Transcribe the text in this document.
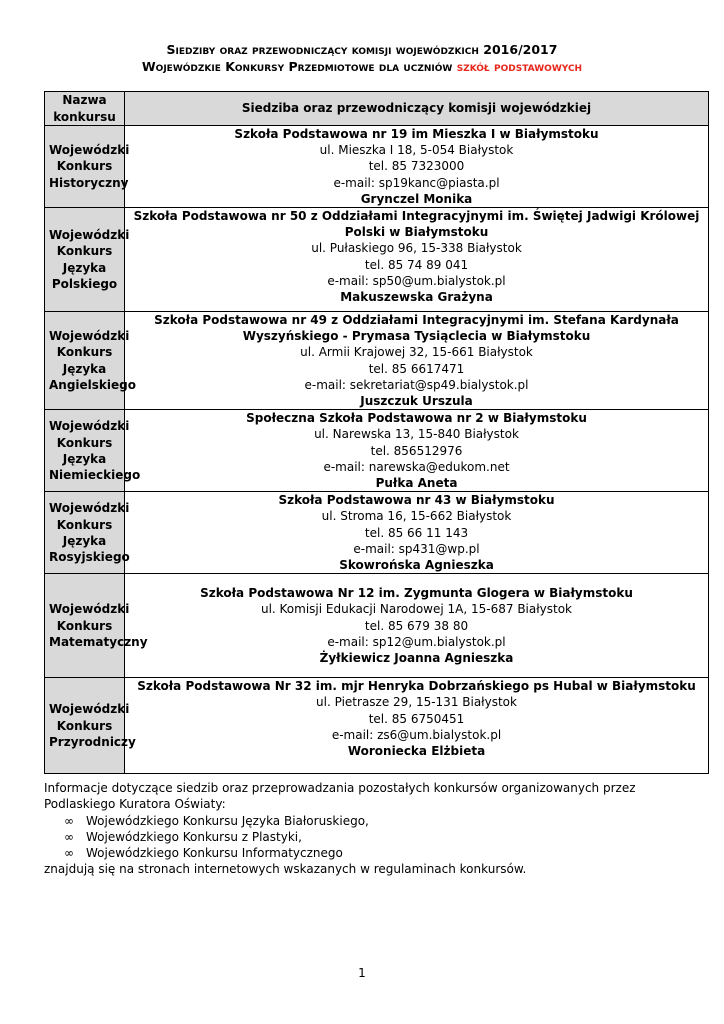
Siedziby oraz przewodniczący komisji wojewódzkich 2016/2017
Wojewódzkie Konkursy Przedmiotowe dla uczniów szkół podstawowych
Nazwa konkursu	Siedziba oraz przewodniczący komisji wojewódzkiej
Wojewódzki Konkurs Historyczny	Szkoła Podstawowa nr 19 im Mieszka I w Białymstoku
ul. Mieszka I 18, 5-054 Białystok
tel. 85 7323000
e-mail: sp19kanc@piasta.pl
Grynczel Monika

Wojewódzki Konkurs Języka Polskiego	Szkoła Podstawowa nr 50 z Oddziałami Integracyjnymi im. Świętej Jadwigi Królowej Polski w Białymstoku
ul. Pułaskiego 96, 15-338 Białystok
tel. 85 74 89 041
e-mail: sp50@um.bialystok.pl
Makuszewska Grażyna

Wojewódzki Konkurs Języka Angielskiego	Szkoła Podstawowa nr 49 z Oddziałami Integracyjnymi im. Stefana Kardynała Wyszyńskiego - Prymasa Tysiąclecia w Białymstoku
ul. Armii Krajowej 32, 15-661 Białystok
tel. 85 6617471
e-mail: sekretariat@sp49.bialystok.pl
Juszczuk Urszula

Wojewódzki Konkurs Języka Niemieckiego	Społeczna Szkoła Podstawowa nr 2 w Białymstoku
ul. Narewska 13, 15-840 Białystok
tel. 856512976
e-mail: narewska@edukom.net
Pułka Aneta

Wojewódzki Konkurs Języka Rosyjskiego	Szkoła Podstawowa nr 43 w Białymstoku
ul. Stroma 16, 15-662 Białystok
tel. 85 66 11 143
e-mail: sp431@wp.pl
Skowrońska Agnieszka

Wojewódzki Konkurs Matematyczny	Szkoła Podstawowa Nr 12 im. Zygmunta Glogera w Białymstoku
ul. Komisji Edukacji Narodowej 1A, 15-687 Białystok
tel. 85 679 38 80
e-mail: sp12@um.bialystok.pl
Żyłkiewicz Joanna Agnieszka

Wojewódzki Konkurs Przyrodniczy	Szkoła Podstawowa Nr 32 im. mjr Henryka Dobrzańskiego ps Hubal w Białymstoku
ul. Pietrasze 29, 15-131 Białystok
tel. 85 6750451
e-mail: zs6@um.bialystok.pl
Woroniecka Elżbieta
Informacje dotyczące siedzib oraz przeprowadzania pozostałych konkursów organizowanych przez Podlaskiego Kuratora Oświaty:
∞	Wojewódzkiego Konkursu Języka Białoruskiego,
∞	Wojewódzkiego Konkursu z Plastyki,
∞	Wojewódzkiego Konkursu Informatycznego
znajdują się na stronach internetowych wskazanych w regulaminach konkursów.
1
